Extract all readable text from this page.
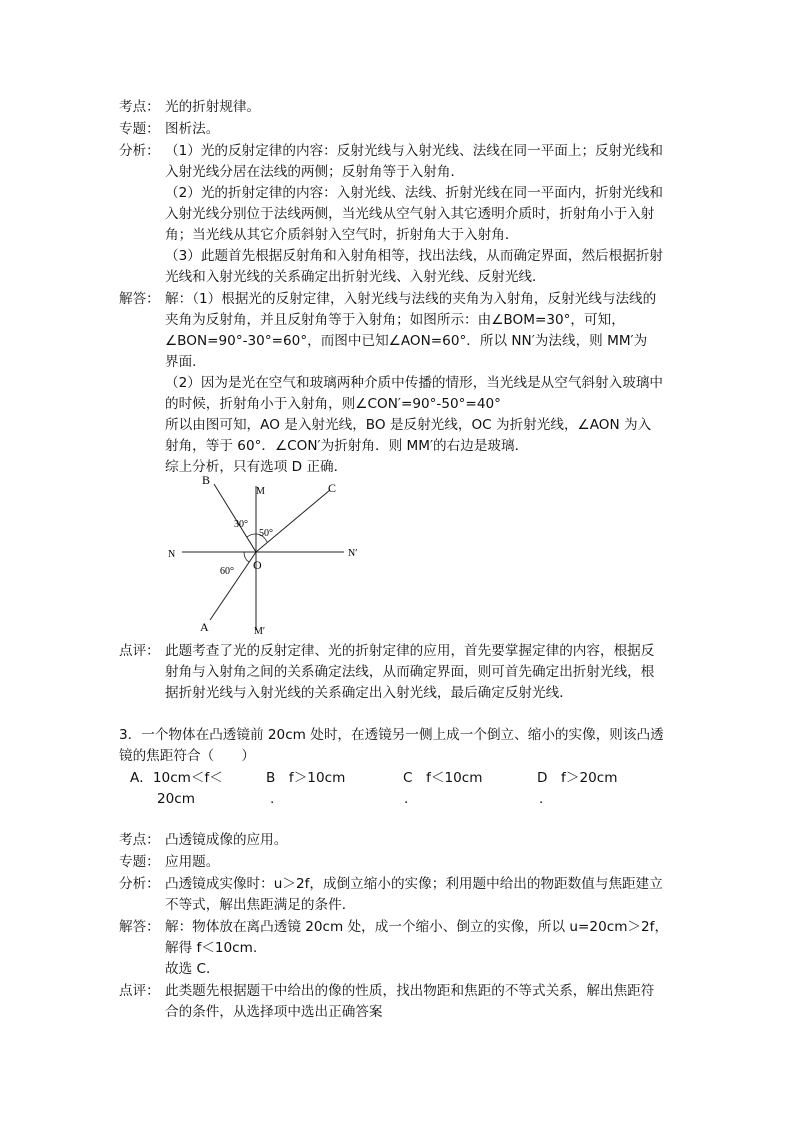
考点： 光的折射规律。
专题： 图析法。
分析： （1）光的反射定律的内容：反射光线与入射光线、法线在同一平面上；反射光线和
入射光线分居在法线的两侧；反射角等于入射角．
（2）光的折射定律的内容：入射光线、法线、折射光线在同一平面内，折射光线和
入射光线分别位于法线两侧，当光线从空气射入其它透明介质时，折射角小于入射
角；当光线从其它介质斜射入空气时，折射角大于入射角．
（3）此题首先根据反射角和入射角相等，找出法线，从而确定界面，然后根据折射
光线和入射光线的关系确定出折射光线、入射光线、反射光线．
解答： 解：（1）根据光的反射定律，入射光线与法线的夹角为入射角，反射光线与法线的
夹角为反射角，并且反射角等于入射角；如图所示：由∠BOM=30°，可知，
∠BON=90°-30°=60°，而图中已知∠AON=60°．所以 NN′为法线，则 MM′为
界面．
（2）因为是光在空气和玻璃两种介质中传播的情形，当光线是从空气斜射入玻璃中
的时候，折射角小于入射角，则∠CON′=90°-50°=40°
所以由图可知，AO 是入射光线，BO 是反射光线，OC 为折射光线，∠AON 为入
射角，等于 60°．∠CON′为折射角．则 MM′的右边是玻璃．
综上分析，只有选项 D 正确．
B
M	C
30°
50°
N	N′
O
60°
A	M′
点评： 此题考查了光的反射定律、光的折射定律的应用，首先要掌握定律的内容，根据反
射角与入射角之间的关系确定法线，从而确定界面，则可首先确定出折射光线，根
据折射光线与入射光线的关系确定出入射光线，最后确定反射光线．
3．一个物体在凸透镜前 20cm 处时，在透镜另一侧上成一个倒立、缩小的实像，则该凸透
镜的焦距符合（　　）
A．10cm＜f＜
20cm
B　f＞10cm
.
C　f＜10cm
.
D　f＞20cm
.
考点： 凸透镜成像的应用。
专题： 应用题。
分析： 凸透镜成实像时：u＞2f，成倒立缩小的实像；利用题中给出的物距数值与焦距建立
不等式，解出焦距满足的条件．
解答： 解：物体放在离凸透镜 20cm 处，成一个缩小、倒立的实像，所以 u=20cm＞2f，
解得 f＜10cm.
故选 C．
点评： 此类题先根据题干中给出的像的性质，找出物距和焦距的不等式关系，解出焦距符
合的条件，从选择项中选出正确答案
